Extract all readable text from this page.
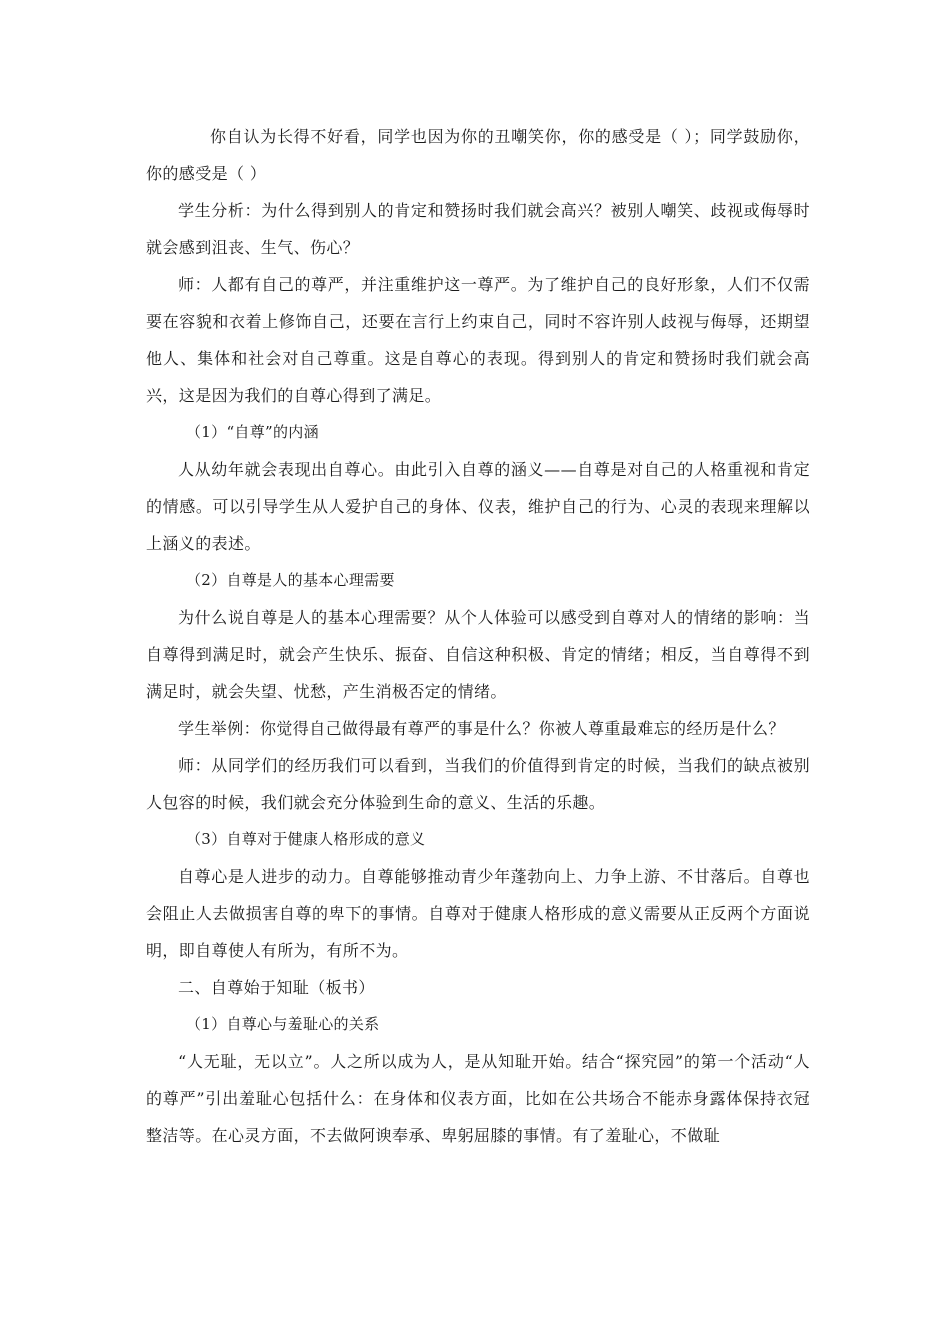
你自认为长得不好看，同学也因为你的丑嘲笑你，你的感受是（ ）；同学鼓励你，你的感受是（ ）

学生分析：为什么得到别人的肯定和赞扬时我们就会高兴？被别人嘲笑、歧视或侮辱时就会感到沮丧、生气、伤心？

师：人都有自己的尊严，并注重维护这一尊严。为了维护自己的良好形象，人们不仅需要在容貌和衣着上修饰自己，还要在言行上约束自己，同时不容许别人歧视与侮辱，还期望他人、集体和社会对自己尊重。这是自尊心的表现。得到别人的肯定和赞扬时我们就会高兴，这是因为我们的自尊心得到了满足。

（1）“自尊”的内涵

人从幼年就会表现出自尊心。由此引入自尊的涵义——自尊是对自己的人格重视和肯定的情感。可以引导学生从人爱护自己的身体、仪表，维护自己的行为、心灵的表现来理解以上涵义的表述。

（2）自尊是人的基本心理需要

为什么说自尊是人的基本心理需要？从个人体验可以感受到自尊对人的情绪的影响：当自尊得到满足时，就会产生快乐、振奋、自信这种积极、肯定的情绪；相反，当自尊得不到满足时，就会失望、忧愁，产生消极否定的情绪。

学生举例：你觉得自己做得最有尊严的事是什么？你被人尊重最难忘的经历是什么？

师：从同学们的经历我们可以看到，当我们的价值得到肯定的时候，当我们的缺点被别人包容的时候，我们就会充分体验到生命的意义、生活的乐趣。

（3）自尊对于健康人格形成的意义

自尊心是人进步的动力。自尊能够推动青少年蓬勃向上、力争上游、不甘落后。自尊也会阻止人去做损害自尊的卑下的事情。自尊对于健康人格形成的意义需要从正反两个方面说明，即自尊使人有所为，有所不为。

二、自尊始于知耻（板书）

（1）自尊心与羞耻心的关系

“人无耻，无以立”。人之所以成为人，是从知耻开始。结合“探究园”的第一个活动“人的尊严”引出羞耻心包括什么：在身体和仪表方面，比如在公共场合不能赤身露体保持衣冠整洁等。在心灵方面，不去做阿谀奉承、卑躬屈膝的事情。有了羞耻心，不做耻
